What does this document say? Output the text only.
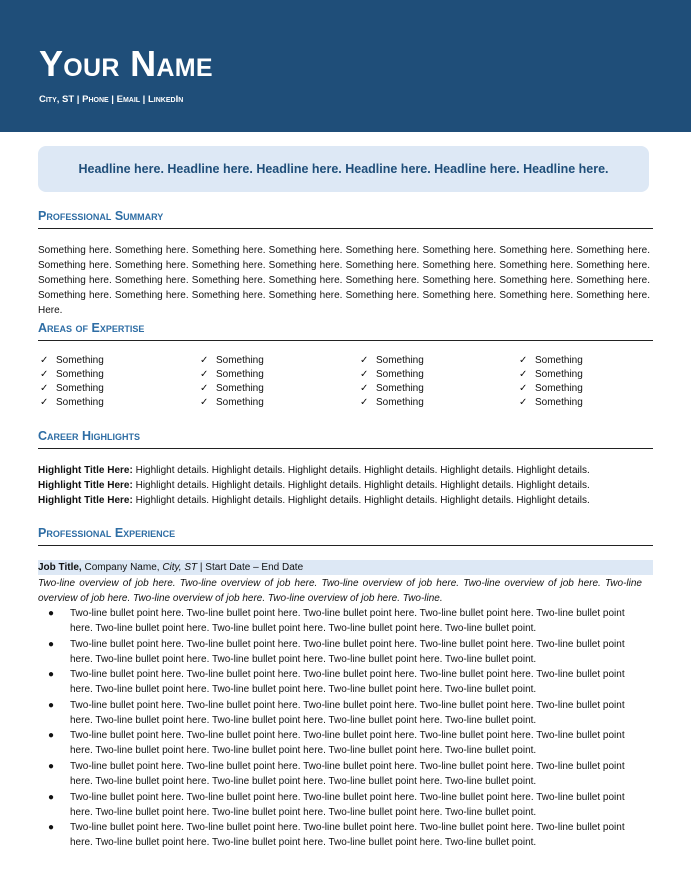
Your Name
City, ST | Phone | Email | LinkedIn
Headline here. Headline here. Headline here. Headline here. Headline here. Headline here.
Professional Summary
Something here. Something here. Something here. Something here. Something here. Something here. Something here. Something here. Something here. Something here. Something here. Something here. Something here. Something here. Something here. Something here. Something here. Something here. Something here. Something here. Something here. Something here. Something here. Something here. Something here. Something here. Something here. Something here. Something here. Something here. Something here. Something here. Here.
Areas of Expertise
✓ Something
✓ Something
✓ Something
✓ Something
✓ Something
✓ Something
✓ Something
✓ Something
✓ Something
✓ Something
✓ Something
✓ Something
✓ Something
✓ Something
✓ Something
✓ Something
Career Highlights
Highlight Title Here: Highlight details. Highlight details. Highlight details. Highlight details. Highlight details. Highlight details.
Highlight Title Here: Highlight details. Highlight details. Highlight details. Highlight details. Highlight details. Highlight details.
Highlight Title Here: Highlight details. Highlight details. Highlight details. Highlight details. Highlight details. Highlight details.
Professional Experience
Job Title, Company Name, City, ST | Start Date – End Date
Two-line overview of job here. Two-line overview of job here. Two-line overview of job here. Two-line overview of job here. Two-line overview of job here. Two-line overview of job here. Two-line overview of job here. Two-line.
● Two-line bullet point here. Two-line bullet point here. Two-line bullet point here. Two-line bullet point here. Two-line bullet point here. Two-line bullet point here. Two-line bullet point here. Two-line bullet point here. Two-line bullet point.
● Two-line bullet point here. Two-line bullet point here. Two-line bullet point here. Two-line bullet point here. Two-line bullet point here. Two-line bullet point here. Two-line bullet point here. Two-line bullet point here. Two-line bullet point.
● Two-line bullet point here. Two-line bullet point here. Two-line bullet point here. Two-line bullet point here. Two-line bullet point here. Two-line bullet point here. Two-line bullet point here. Two-line bullet point here. Two-line bullet point.
● Two-line bullet point here. Two-line bullet point here. Two-line bullet point here. Two-line bullet point here. Two-line bullet point here. Two-line bullet point here. Two-line bullet point here. Two-line bullet point here. Two-line bullet point.
● Two-line bullet point here. Two-line bullet point here. Two-line bullet point here. Two-line bullet point here. Two-line bullet point here. Two-line bullet point here. Two-line bullet point here. Two-line bullet point here. Two-line bullet point.
● Two-line bullet point here. Two-line bullet point here. Two-line bullet point here. Two-line bullet point here. Two-line bullet point here. Two-line bullet point here. Two-line bullet point here. Two-line bullet point here. Two-line bullet point.
● Two-line bullet point here. Two-line bullet point here. Two-line bullet point here. Two-line bullet point here. Two-line bullet point here. Two-line bullet point here. Two-line bullet point here. Two-line bullet point here. Two-line bullet point.
● Two-line bullet point here. Two-line bullet point here. Two-line bullet point here. Two-line bullet point here. Two-line bullet point here. Two-line bullet point here. Two-line bullet point here. Two-line bullet point here. Two-line bullet point.
